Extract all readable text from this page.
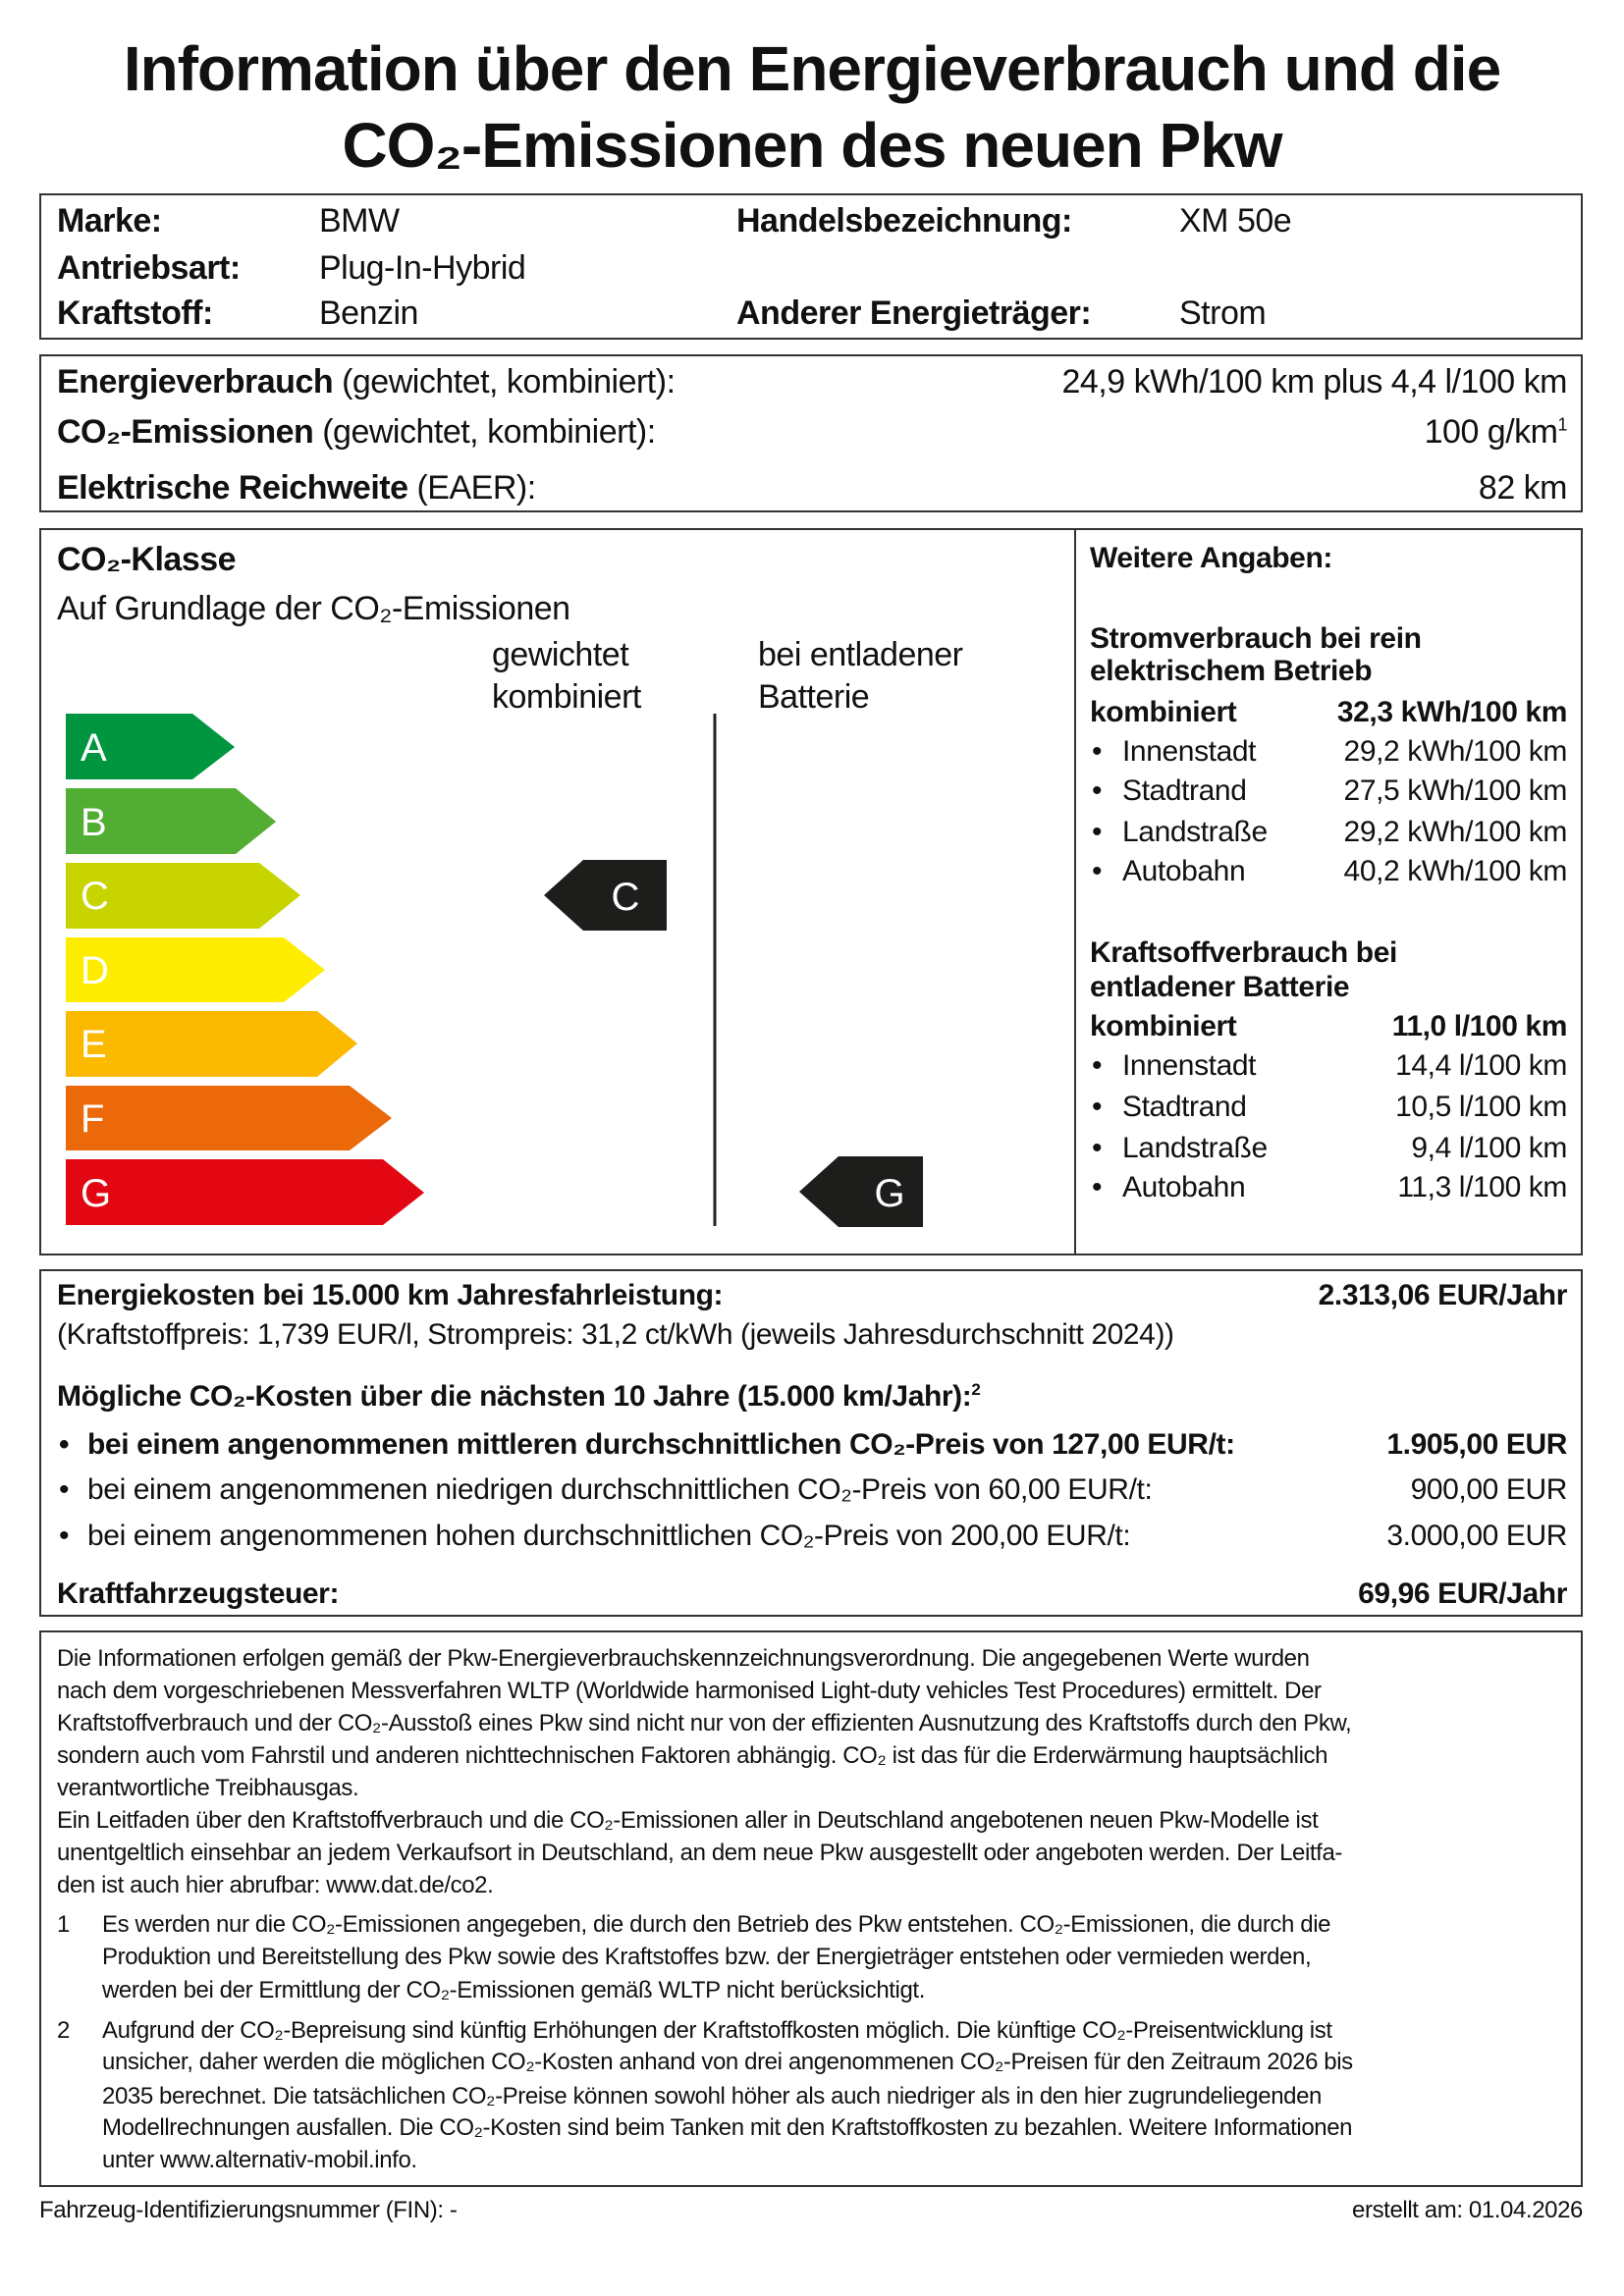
Information über den Energieverbrauch und die
CO₂-Emissionen des neuen Pkw
Marke:	BMW
Antriebsart: Plug-In-Hybrid
Kraftstoff:	Benzin
Handelsbezeichnung:	XM 50e
Anderer Energieträger:	Strom
Energieverbrauch (gewichtet, kombiniert):	24,9 kWh/100 km plus 4,4 l/100 km
CO₂-Emissionen (gewichtet, kombiniert):	100 $g/km^1$
Elektrische Reichweite (EAER):	82 km
CO₂-Klasse
Auf Grundlage der CO₂-Emissionen
gewichtet
kombiniert
bei entladener
Batterie
A
B
C
D
E
F
G
C
G
Weitere Angaben:
Stromverbrauch bei rein
elektrischem Betrieb
kombiniert	32,3 kWh/100 km
• Innenstadt	29,2 kWh/100 km
• Stadtrand	27,5 kWh/100 km
• Landstraße	29,2 kWh/100 km
• Autobahn	40,2 kWh/100 km
Kraftsoffverbrauch bei
entladener Batterie
kombiniert	11,0 l/100 km
• Innenstadt	14,4 l/100 km
• Stadtrand	10,5 l/100 km
• Landstraße	9,4 l/100 km
• Autobahn	11,3 l/100 km
Energiekosten bei 15.000 km Jahresfahrleistung:	2.313,06 EUR/Jahr
(Kraftstoffpreis: 1,739 EUR/l, Strompreis: 31,2 ct/kWh (jeweils Jahresdurchschnitt 2024))
Mögliche CO₂-Kosten über die nächsten 10 Jahre (15.000 km/Jahr):$^2$
• bei einem angenommenen mittleren durchschnittlichen CO₂-Preis von 127,00 EUR/t:	1.905,00 EUR
• bei einem angenommenen niedrigen durchschnittlichen CO₂-Preis von 60,00 EUR/t:	900,00 EUR
• bei einem angenommenen hohen durchschnittlichen CO₂-Preis von 200,00 EUR/t:	3.000,00 EUR
Kraftfahrzeugsteuer:	69,96 EUR/Jahr
Die Informationen erfolgen gemäß der Pkw-Energieverbrauchskennzeichnungsverordnung. Die angegebenen Werte wurden
nach dem vorgeschriebenen Messverfahren WLTP (Worldwide harmonised Light-duty vehicles Test Procedures) ermittelt. Der
Kraftstoffverbrauch und der CO₂-Ausstoß eines Pkw sind nicht nur von der effizienten Ausnutzung des Kraftstoffs durch den Pkw,
sondern auch vom Fahrstil und anderen nichttechnischen Faktoren abhängig. CO₂ ist das für die Erderwärmung hauptsächlich
verantwortliche Treibhausgas.
Ein Leitfaden über den Kraftstoffverbrauch und die CO₂-Emissionen aller in Deutschland angebotenen neuen Pkw-Modelle ist
unentgeltlich einsehbar an jedem Verkaufsort in Deutschland, an dem neue Pkw ausgestellt oder angeboten werden. Der Leitfa-
den ist auch hier abrufbar: www.dat.de/co2.
1 Es werden nur die CO₂-Emissionen angegeben, die durch den Betrieb des Pkw entstehen. CO₂-Emissionen, die durch die
Produktion und Bereitstellung des Pkw sowie des Kraftstoffes bzw. der Energieträger entstehen oder vermieden werden,
werden bei der Ermittlung der CO₂-Emissionen gemäß WLTP nicht berücksichtigt.
2 Aufgrund der CO₂-Bepreisung sind künftig Erhöhungen der Kraftstoffkosten möglich. Die künftige CO₂-Preisentwicklung ist
unsicher, daher werden die möglichen CO₂-Kosten anhand von drei angenommenen CO₂-Preisen für den Zeitraum 2026 bis
2035 berechnet. Die tatsächlichen CO₂-Preise können sowohl höher als auch niedriger als in den hier zugrundeliegenden
Modellrechnungen ausfallen. Die CO₂-Kosten sind beim Tanken mit den Kraftstoffkosten zu bezahlen. Weitere Informationen
unter www.alternativ-mobil.info.
Fahrzeug-Identifizierungsnummer (FIN): -	erstellt am: 01.04.2026
